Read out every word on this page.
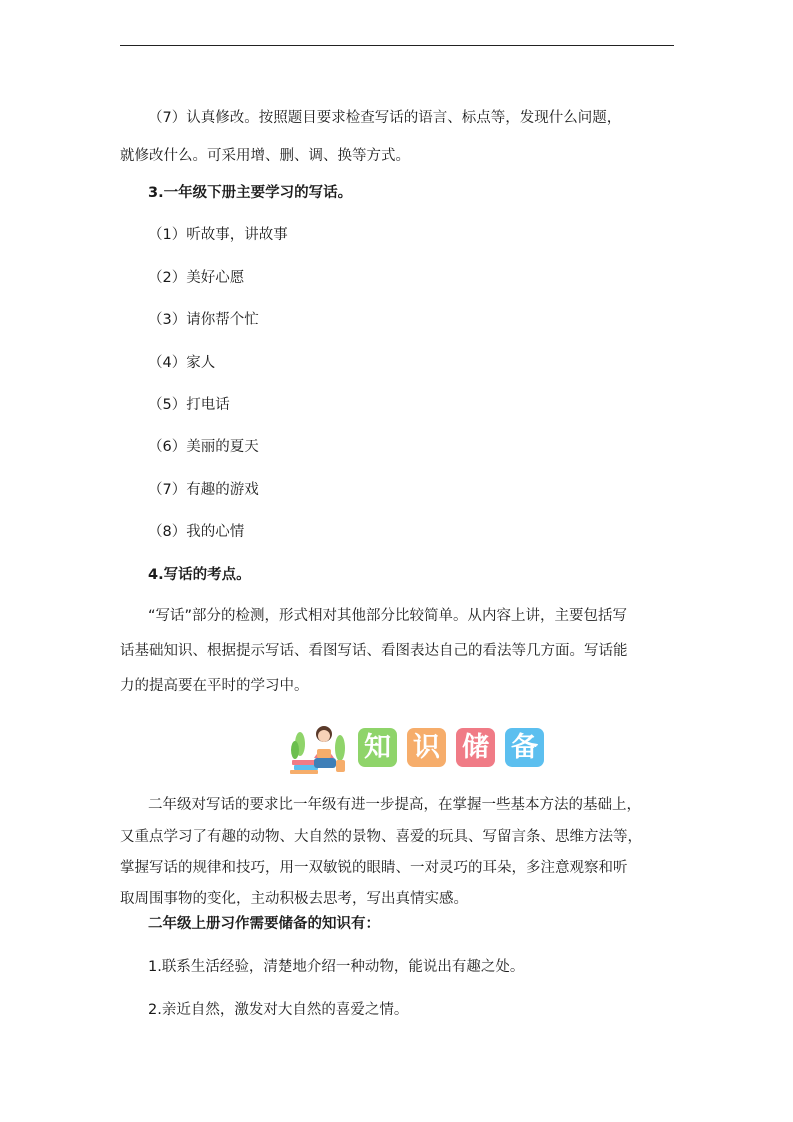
（7）认真修改。按照题目要求检查写话的语言、标点等，发现什么问题，
就修改什么。可采用增、删、调、换等方式。
3.一年级下册主要学习的写话。
（1）听故事，讲故事
（2）美好心愿
（3）请你帮个忙
（4）家人
（5）打电话
（6）美丽的夏天
（7）有趣的游戏
（8）我的心情
4.写话的考点。
“写话”部分的检测，形式相对其他部分比较简单。从内容上讲，主要包括写
话基础知识、根据提示写话、看图写话、看图表达自己的看法等几方面。写话能
力的提高要在平时的学习中。
知 识 储 备
二年级对写话的要求比一年级有进一步提高，在掌握一些基本方法的基础上，
又重点学习了有趣的动物、大自然的景物、喜爱的玩具、写留言条、思维方法等，
掌握写话的规律和技巧，用一双敏锐的眼睛、一对灵巧的耳朵，多注意观察和听
取周围事物的变化，主动积极去思考，写出真情实感。
二年级上册习作需要储备的知识有：
1.联系生活经验，清楚地介绍一种动物，能说出有趣之处。
2.亲近自然，激发对大自然的喜爱之情。
